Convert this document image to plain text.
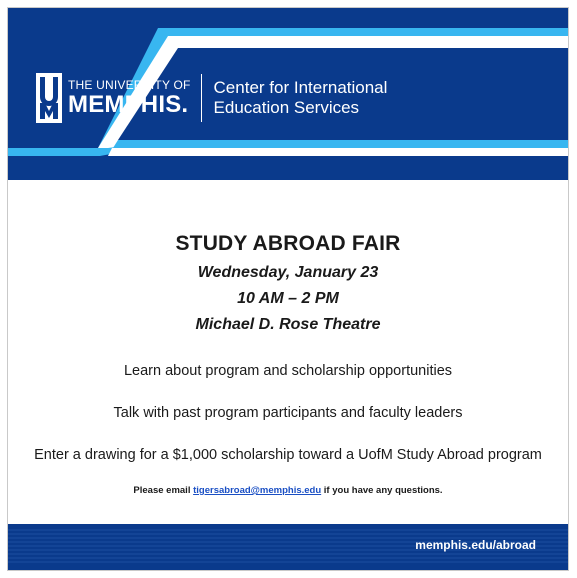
THE UNIVERSITY OF
MEMPHIS.
Center for International
Education Services
STUDY ABROAD FAIR
Wednesday, January 23
10 AM – 2 PM
Michael D. Rose Theatre
Learn about program and scholarship opportunities
Talk with past program participants and faculty leaders
Enter a drawing for a $1,000 scholarship toward a UofM Study Abroad program
Please email tigersabroad@memphis.edu if you have any questions.
memphis.edu/abroad
